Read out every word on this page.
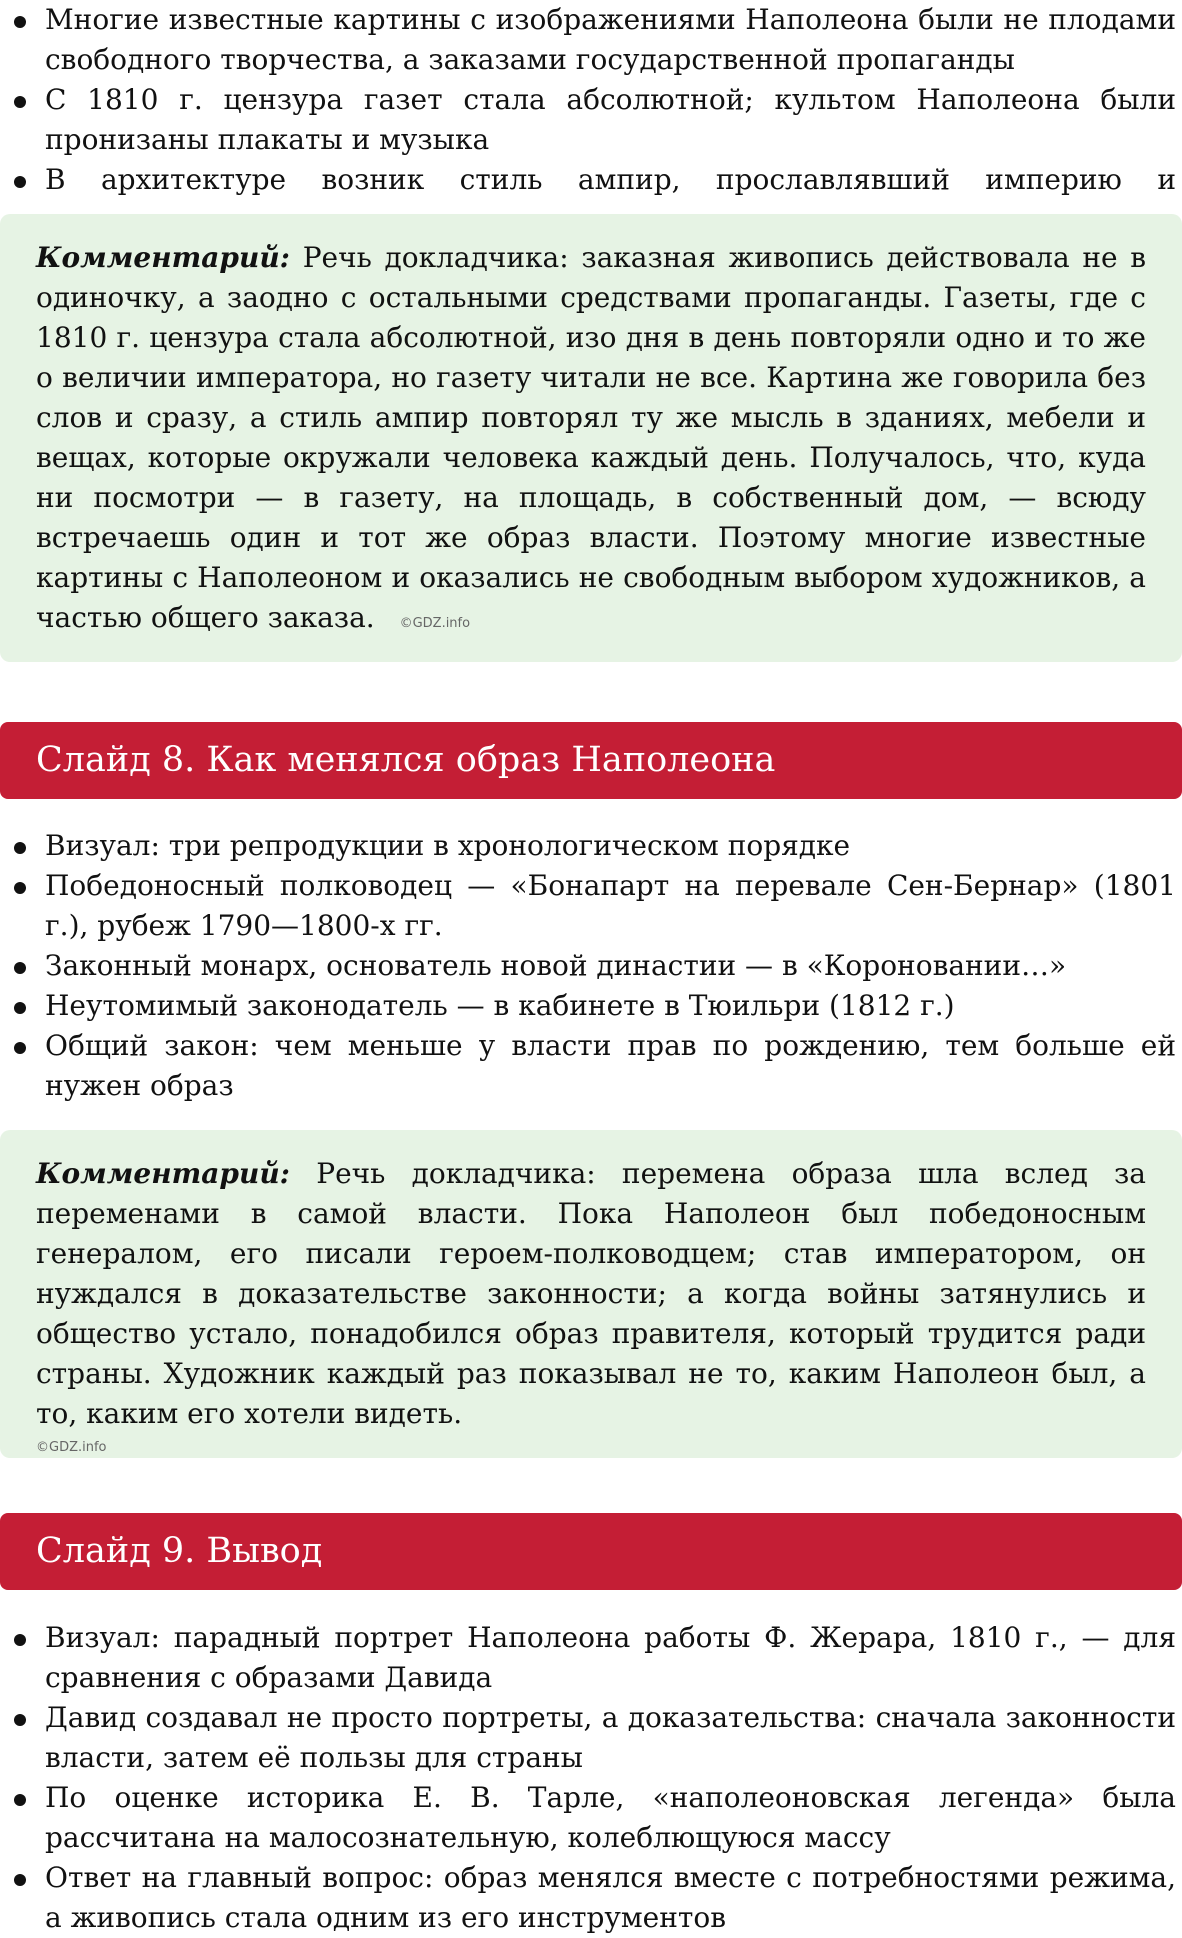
Многие известные картины с изображениями Наполеона были не плодами свободного творчества, а заказами государственной пропаганды
С 1810 г. цензура газет стала абсолютной; культом Наполеона были пронизаны плакаты и музыка
В архитектуре возник стиль ампир, прославлявший империю и

Комментарий: Речь докладчика: заказная живопись действовала не в одиночку, а заодно с остальными средствами пропаганды. Газеты, где с 1810 г. цензура стала абсолютной, изо дня в день повторяли одно и то же о величии императора, но газету читали не все. Картина же говорила без слов и сразу, а стиль ампир повторял ту же мысль в зданиях, мебели и вещах, которые окружали человека каждый день. Получалось, что, куда ни посмотри — в газету, на площадь, в собственный дом, — всюду встречаешь один и тот же образ власти. Поэтому многие известные картины с Наполеоном и оказались не свободным выбором художников, а частью общего заказа. ©GDZ.info

Слайд 8. Как менялся образ Наполеона
Визуал: три репродукции в хронологическом порядке
Победоносный полководец — «Бонапарт на перевале Сен-Бернар» (1801 г.), рубеж 1790—1800-х гг.
Законный монарх, основатель новой династии — в «Короновании…»
Неутомимый законодатель — в кабинете в Тюильри (1812 г.)
Общий закон: чем меньше у власти прав по рождению, тем больше ей нужен образ

Комментарий: Речь докладчика: перемена образа шла вслед за переменами в самой власти. Пока Наполеон был победоносным генералом, его писали героем-полководцем; став императором, он нуждался в доказательстве законности; а когда войны затянулись и общество устало, понадобился образ правителя, который трудится ради страны. Художник каждый раз показывал не то, каким Наполеон был, а то, каким его хотели видеть.

©GDZ.info
Слайд 9. Вывод
Визуал: парадный портрет Наполеона работы Ф. Жерара, 1810 г., — для сравнения с образами Давида
Давид создавал не просто портреты, а доказательства: сначала законности власти, затем её пользы для страны
По оценке историка Е. В. Тарле, «наполеоновская легенда» была рассчитана на малосознательную, колеблющуюся массу
Ответ на главный вопрос: образ менялся вместе с потребностями режима, а живопись стала одним из его инструментов
